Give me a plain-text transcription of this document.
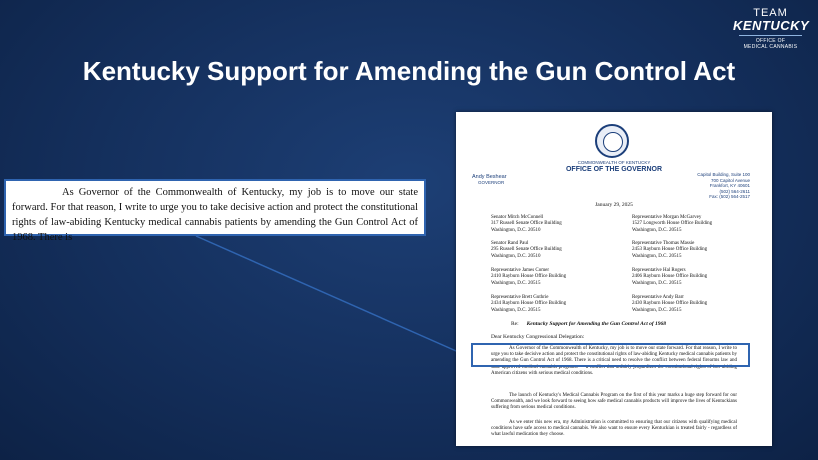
TEAM
KENTUCKY
OFFICE OF
MEDICAL CANNABIS
Kentucky Support for Amending the Gun Control Act

As Governor of the Commonwealth of Kentucky, my job is to move our state forward. For that reason, I write to urge you to take decisive action and protect the constitutional rights of law-abiding Kentucky medical cannabis patients by amending the Gun Control Act of 1968. There is

COMMONWEALTH OF KENTUCKY
OFFICE OF THE GOVERNOR
Andy Beshear
GOVERNOR
Capitol Building, Suite 100
700 Capitol Avenue
Frankfort, KY 40601
(502) 564-2611
Fax: (502) 564-2517
January 29, 2025
Senator Mitch McConnell
317 Russell Senate Office Building
Washington, D.C. 20510
Senator Rand Paul
295 Russell Senate Office Building
Washington, D.C. 20510
Representative James Comer
2410 Rayburn House Office Building
Washington, D.C. 20515
Representative Brett Guthrie
2434 Rayburn House Office Building
Washington, D.C. 20515
Representative Morgan McGarvey
1527 Longworth House Office Building
Washington, D.C. 20515
Representative Thomas Massie
2453 Rayburn House Office Building
Washington, D.C. 20515
Representative Hal Rogers
2406 Rayburn House Office Building
Washington, D.C. 20515
Representative Andy Barr
2430 Rayburn House Office Building
Washington, D.C. 20515
Re: Kentucky Support for Amending the Gun Control Act of 1968
Dear Kentucky Congressional Delegation:
As Governor of the Commonwealth of Kentucky, my job is to move our state forward. For that reason, I write to urge you to take decisive action and protect the constitutional rights of law-abiding Kentucky medical cannabis patients by amending the Gun Control Act of 1968. There is a critical need to resolve the conflict between federal firearms law and state-approved medical cannabis programs — a conflict that unfairly jeopardizes the constitutional rights of law-abiding American citizens with serious medical conditions.
The launch of Kentucky's Medical Cannabis Program on the first of this year marks a huge step forward for our Commonwealth, and we look forward to seeing how safe medical cannabis products will improve the lives of Kentuckians suffering from serious medical conditions.
As we enter this new era, my Administration is committed to ensuring that our citizens with qualifying medical conditions have safe access to medical cannabis. We also want to ensure every Kentuckian is treated fairly - regardless of what lawful medication they choose.
